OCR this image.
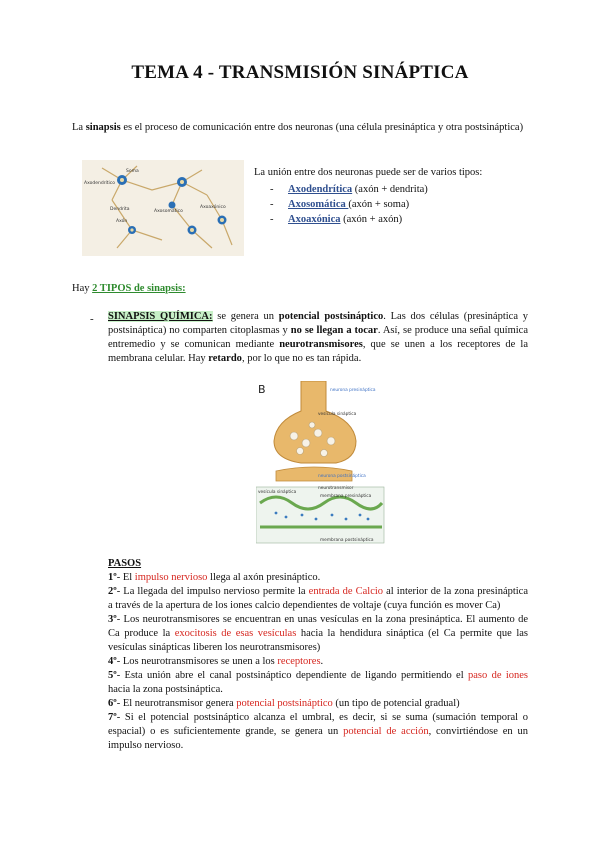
TEMA 4 - TRANSMISIÓN SINÁPTICA
La sinapsis es el proceso de comunicación entre dos neuronas (una célula presináptica y otra postsináptica)
Soma
Axodendrítico
Dendrita	Axosomático
Axoaxónico
Axón
La unión entre dos neuronas puede ser de varios tipos:
- Axodendrítica (axón + dendrita)
- Axosomática (axón + soma)
- Axoaxónica (axón + axón)
Hay 2 TIPOS de sinapsis:
- SINAPSIS QUÍMICA: se genera un potencial postsináptico. Las dos células (presináptica y postsináptica) no comparten citoplasmas y no se llegan a tocar. Así, se produce una señal química entremedio y se comunican mediante neurotransmisores, que se unen a los receptores de la membrana celular. Hay retardo, por lo que no es tan rápida.
B	neurona presináptica
vesícula sináptica
neurona postsináptica
membrana presináptica
membrana postsináptica
neurotransmisor
vesícula sináptica
PASOS
1º- El impulso nervioso llega al axón presináptico.
2º- La llegada del impulso nervioso permite la entrada de Calcio al interior de la zona presináptica a través de la apertura de los iones calcio dependientes de voltaje (cuya función es mover Ca)
3º- Los neurotransmisores se encuentran en unas vesículas en la zona presináptica. El aumento de Ca produce la exocitosis de esas vesículas hacia la hendidura sináptica (el Ca permite que las vesículas sinápticas liberen los neurotransmisores)
4º- Los neurotransmisores se unen a los receptores.
5º- Esta unión abre el canal postsináptico dependiente de ligando permitiendo el paso de iones hacia la zona postsináptica.
6º- El neurotransmisor genera potencial postsináptico (un tipo de potencial gradual)
7º- Si el potencial postsináptico alcanza el umbral, es decir, si se suma (sumación temporal o espacial) o es suficientemente grande, se genera un potencial de acción, convirtiéndose en un impulso nervioso.
